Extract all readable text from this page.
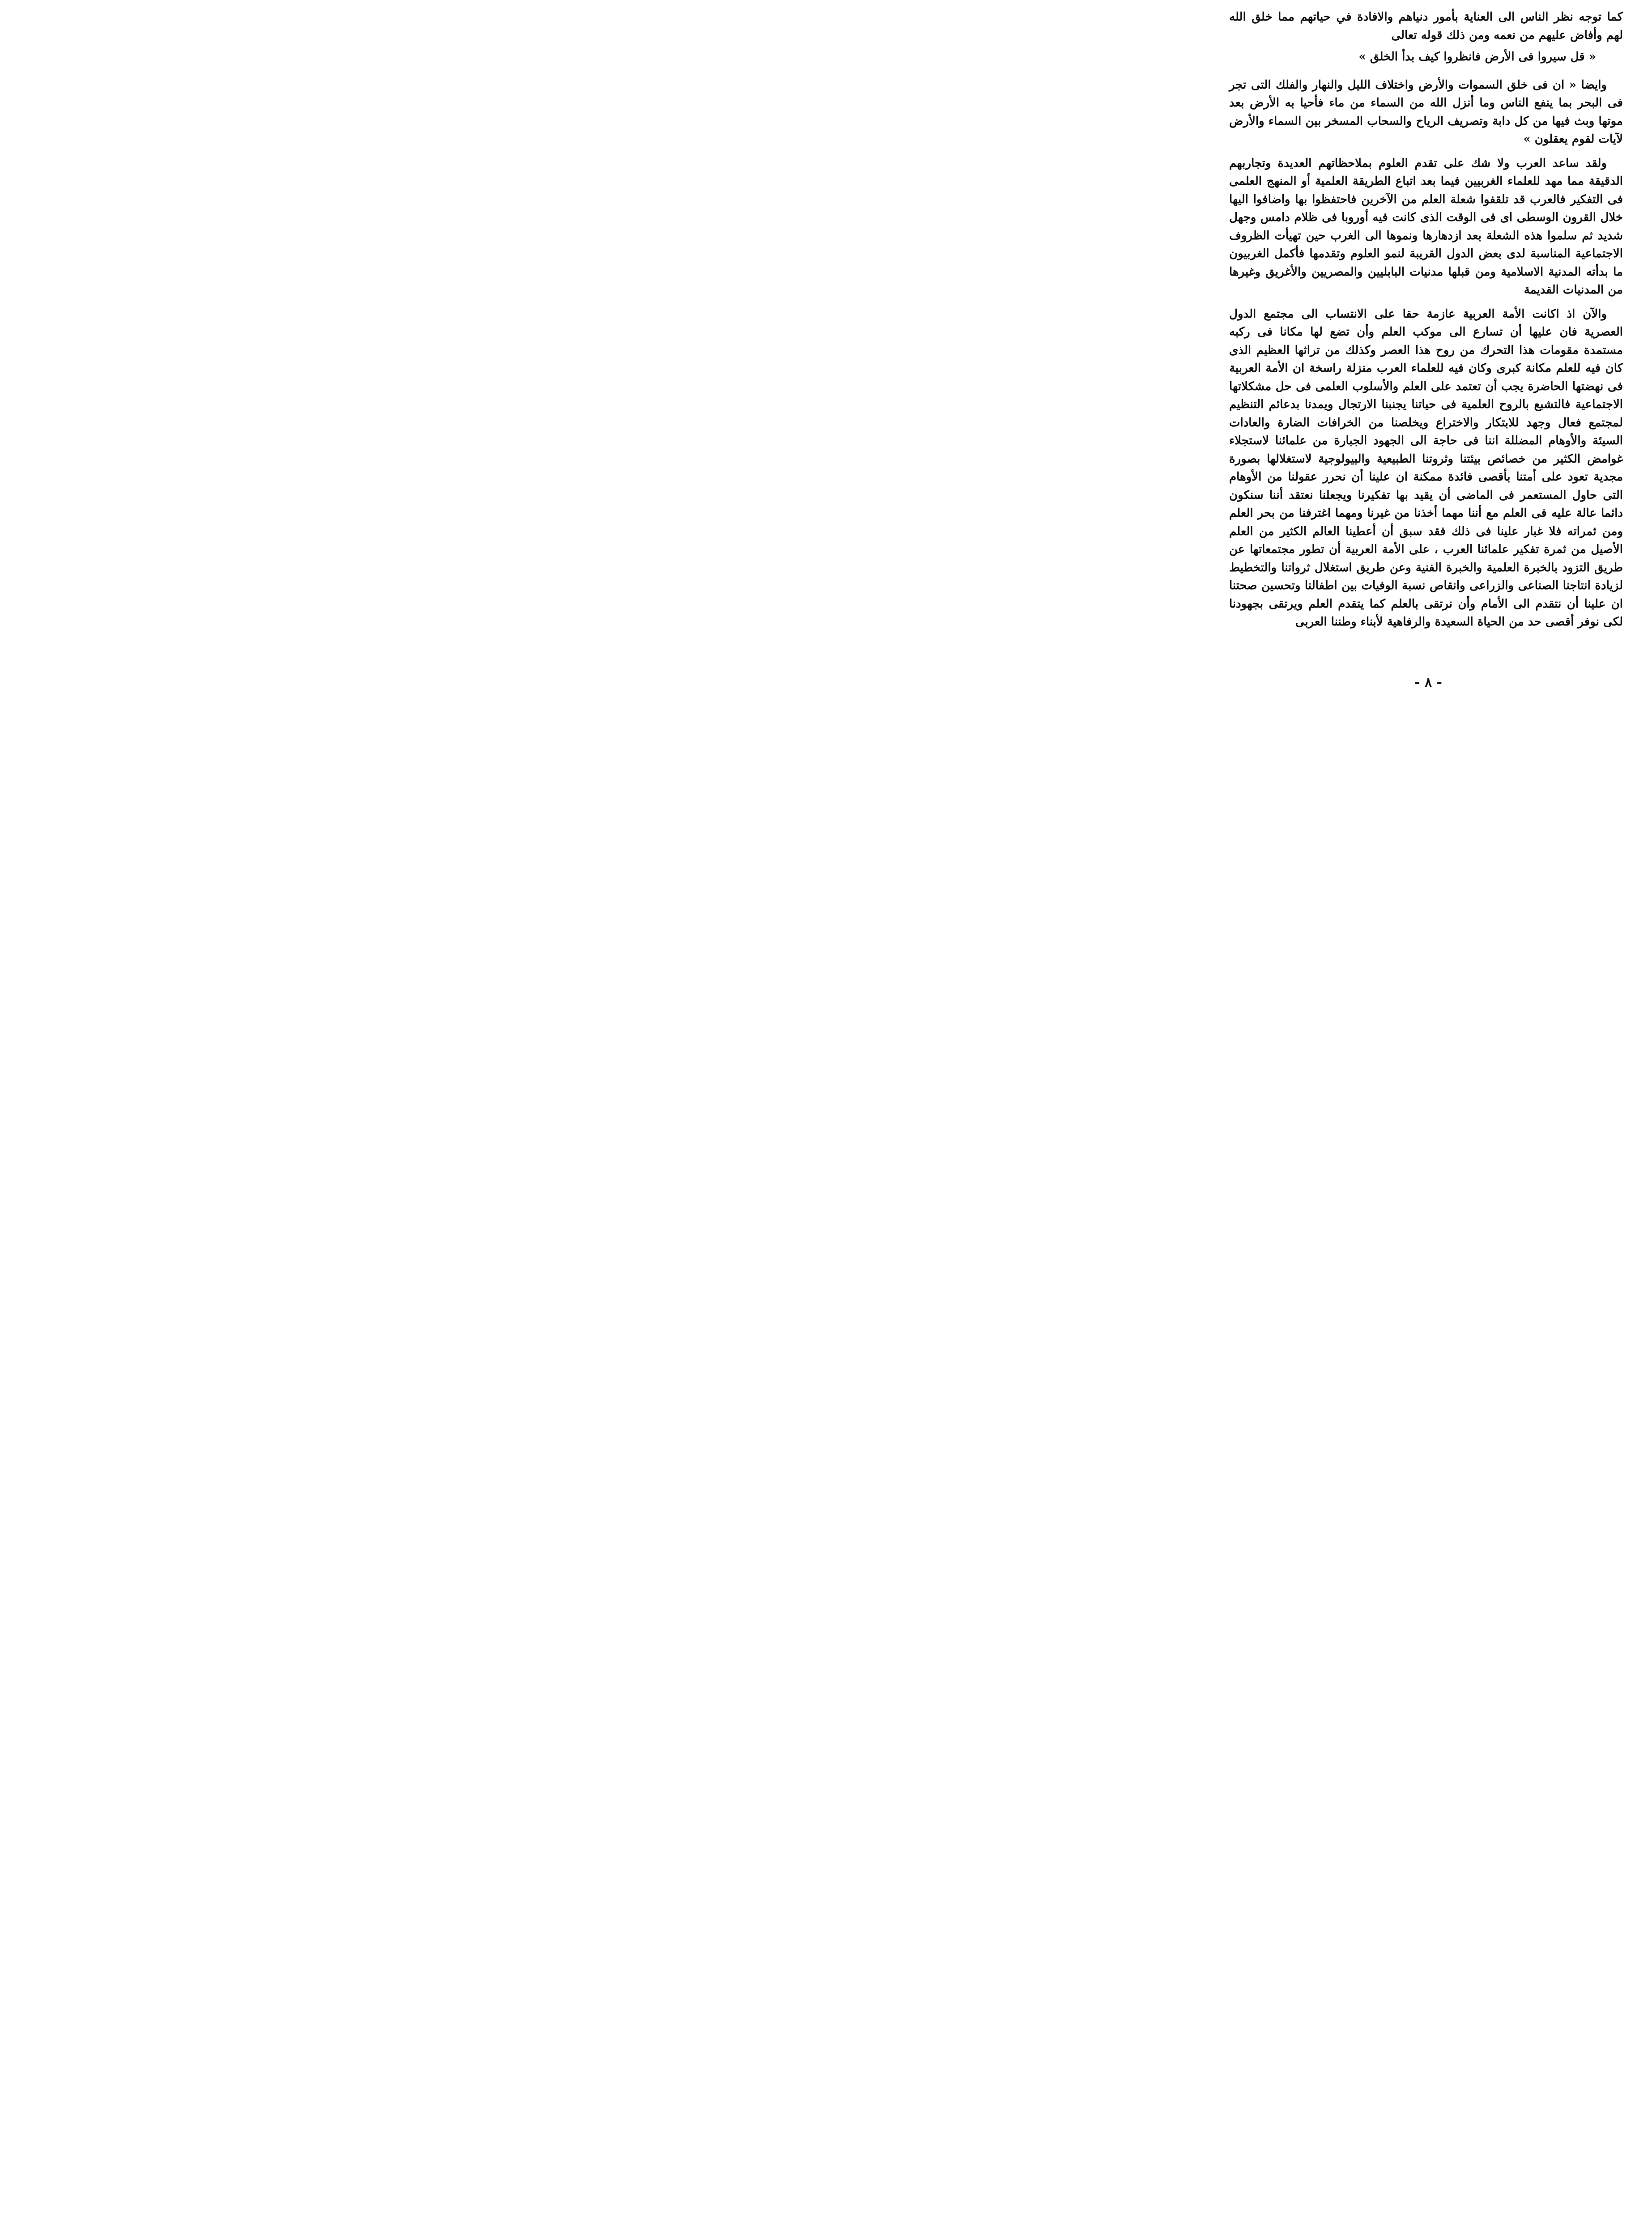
كما توجه نظر الناس الى العناية بأمور دنياهم والافادة في حياتهم مما خلق الله لهم وأفاض عليهم من نعمه ومن ذلك قوله تعالى

« قل سيروا فى الأرض فانظروا كيف بدأ الخلق »

وايضا « ان فى خلق السموات والأرض واختلاف الليل والنهار والفلك التى تجر فى البحر بما ينفع الناس وما أنزل الله من السماء من ماء فأحيا به الأرض بعد موتها وبث فيها من كل دابة وتصريف الرياح والسحاب المسخر بين السماء والأرض لآيات لقوم يعقلون »

ولقد ساعد العرب ولا شك على تقدم العلوم بملاحظاتهم العديدة وتجاربهم الدقيقة مما مهد للعلماء الغربيين فيما بعد اتباع الطريقة العلمية أو المنهج العلمى فى التفكير فالعرب قد تلقفوا شعلة العلم من الآخرين فاحتفظوا بها واضافوا اليها خلال القرون الوسطى اى فى الوقت الذى كانت فيه أوروبا فى ظلام دامس وجهل شديد ثم سلموا هذه الشعلة بعد ازدهارها ونموها الى الغرب حين تهيأت الظروف الاجتماعية المناسبة لدى بعض الدول القريبة لنمو العلوم وتقدمها فأكمل الغربيون ما بدأته المدنية الاسلامية ومن قبلها مدنيات البابليين والمصريين والأغريق وغيرها من المدنيات القديمة

والآن اذ اكانت الأمة العربية عازمة حقا على الانتساب الى مجتمع الدول العصرية فان عليها أن تسارع الى موكب العلم وأن تضع لها مكانا فى ركبه مستمدة مقومات هذا التحرك من روح هذا العصر وكذلك من تراثها العظيم الذى كان فيه للعلم مكانة كبرى وكان فيه للعلماء العرب منزلة راسخة ان الأمة العربية فى نهضتها الحاضرة يجب أن تعتمد على العلم والأسلوب العلمى فى حل مشكلاتها الاجتماعية فالتشبع بالروح العلمية فى حياتنا يجنبنا الارتجال ويمدنا بدعائم التنظيم لمجتمع فعال وجهد للابتكار والاختراع ويخلصنا من الخرافات الضارة والعادات السيئة والأوهام المضللة اننا فى حاجة الى الجهود الجبارة من علمائنا لاستجلاء غوامض الكثير من خصائص بيئتنا وثروتنا الطبيعية والبيولوجية لاستغلالها بصورة مجدية تعود على أمتنا بأقصى فائدة ممكنة ان علينا أن نحرر عقولنا من الأوهام التى حاول المستعمر فى الماضى أن يقيد بها تفكيرنا ويجعلنا نعتقد أننا سنكون دائما عالة عليه فى العلم مع أننا مهما أخذنا من غيرنا ومهما اغترفنا من بحر العلم ومن ثمراته فلا غبار علينا فى ذلك فقد سبق أن أعطينا العالم الكثير من العلم الأصيل من ثمرة تفكير علمائنا العرب ، على الأمة العربية أن تطور مجتمعاتها عن طريق التزود بالخبرة العلمية والخبرة الفنية وعن طريق استغلال ثرواتنا والتخطيط لزيادة انتاجنا الصناعى والزراعى وانقاص نسبة الوفيات بين اطفالنا وتحسين صحتنا ان علينا أن نتقدم الى الأمام وأن نرتقى بالعلم كما يتقدم العلم ويرتقى بجهودنا لكى نوفر أقصى حد من الحياة السعيدة والرفاهية لأبناء وطننا العربى

- ٨ -
